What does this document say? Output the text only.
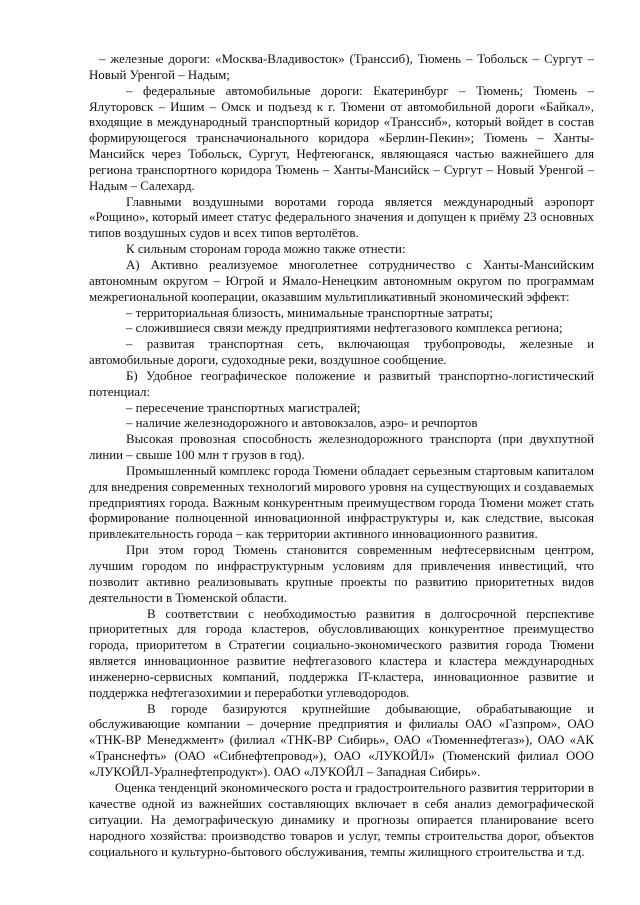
– железные дороги: «Москва-Владивосток» (Транссиб), Тюмень – Тобольск – Сургут – Новый Уренгой – Надым;

– федеральные автомобильные дороги: Екатеринбург – Тюмень; Тюмень – Ялуторовск – Ишим – Омск и подъезд к г. Тюмени от автомобильной дороги «Байкал», входящие в международный транспортный коридор «Транссиб», который войдет в состав формирующегося трансначионального коридора «Берлин-Пекин»; Тюмень – Ханты-Мансийск через Тобольск, Сургут, Нефтеюганск, являющаяся частью важнейшего для региона транспортного коридора Тюмень – Ханты-Мансийск – Сургут – Новый Уренгой – Надым – Салехард.

Главными воздушными воротами города является международный аэропорт «Рощино», который имеет статус федерального значения и допущен к приёму 23 основных типов воздушных судов и всех типов вертолётов.

К сильным сторонам города можно также отнести:

А) Активно реализуемое многолетнее сотрудничество с Ханты-Мансийским автономным округом – Югрой и Ямало-Ненецким автономным округом по программам межрегиональной кооперации, оказавшим мультипликативный экономический эффект:

– территориальная близость, минимальные транспортные затраты;

– сложившиеся связи между предприятиями нефтегазового комплекса региона;

– развитая транспортная сеть, включающая трубопроводы, железные и автомобильные дороги, судоходные реки, воздушное сообщение.

Б) Удобное географическое положение и развитый транспортно-логистический потенциал:

– пересечение транспортных магистралей;

– наличие железнодорожного и автовокзалов, аэро- и речпортов

Высокая провозная способность железнодорожного транспорта (при двухпутной линии – свыше 100 млн т грузов в год).

Промышленный комплекс города Тюмени обладает серьезным стартовым капиталом для внедрения современных технологий мирового уровня на существующих и создаваемых предприятиях города. Важным конкурентным преимуществом города Тюмени может стать формирование полноценной инновационной инфраструктуры и, как следствие, высокая привлекательность города – как территории активного инновационного развития.

При этом город Тюмень становится современным нефтесервисным центром, лучшим городом по инфраструктурным условиям для привлечения инвестиций, что позволит активно реализовывать крупные проекты по развитию приоритетных видов деятельности в Тюменской области.

В соответствии с необходимостью развития в долгосрочной перспективе приоритетных для города кластеров, обусловливающих конкурентное преимущество города, приоритетом в Стратегии социально-экономического развития города Тюмени является инновационное развитие нефтегазового кластера и кластера международных инженерно-сервисных компаний, поддержка IT-кластера, инновационное развитие и поддержка нефтегазохимии и переработки углеводородов.

В городе базируются крупнейшие добывающие, обрабатывающие и обслуживающие компании – дочерние предприятия и филиалы ОАО «Газпром», ОАО «ТНК-ВР Менеджмент» (филиал «ТНК-ВР Сибирь», ОАО «Тюменнефтегаз»), ОАО «АК «Транснефть» (ОАО «Сибнефтепровод»), ОАО «ЛУКОЙЛ» (Тюменский филиал ООО «ЛУКОЙЛ-Уралнефтепродукт»). ОАО «ЛУКОЙЛ – Западная Сибирь».

Оценка тенденций экономического роста и градостроительного развития территории в качестве одной из важнейших составляющих включает в себя анализ демографической ситуации. На демографическую динамику и прогнозы опирается планирование всего народного хозяйства: производство товаров и услуг, темпы строительства дорог, объектов социального и культурно-бытового обслуживания, темпы жилищного строительства и т.д.
